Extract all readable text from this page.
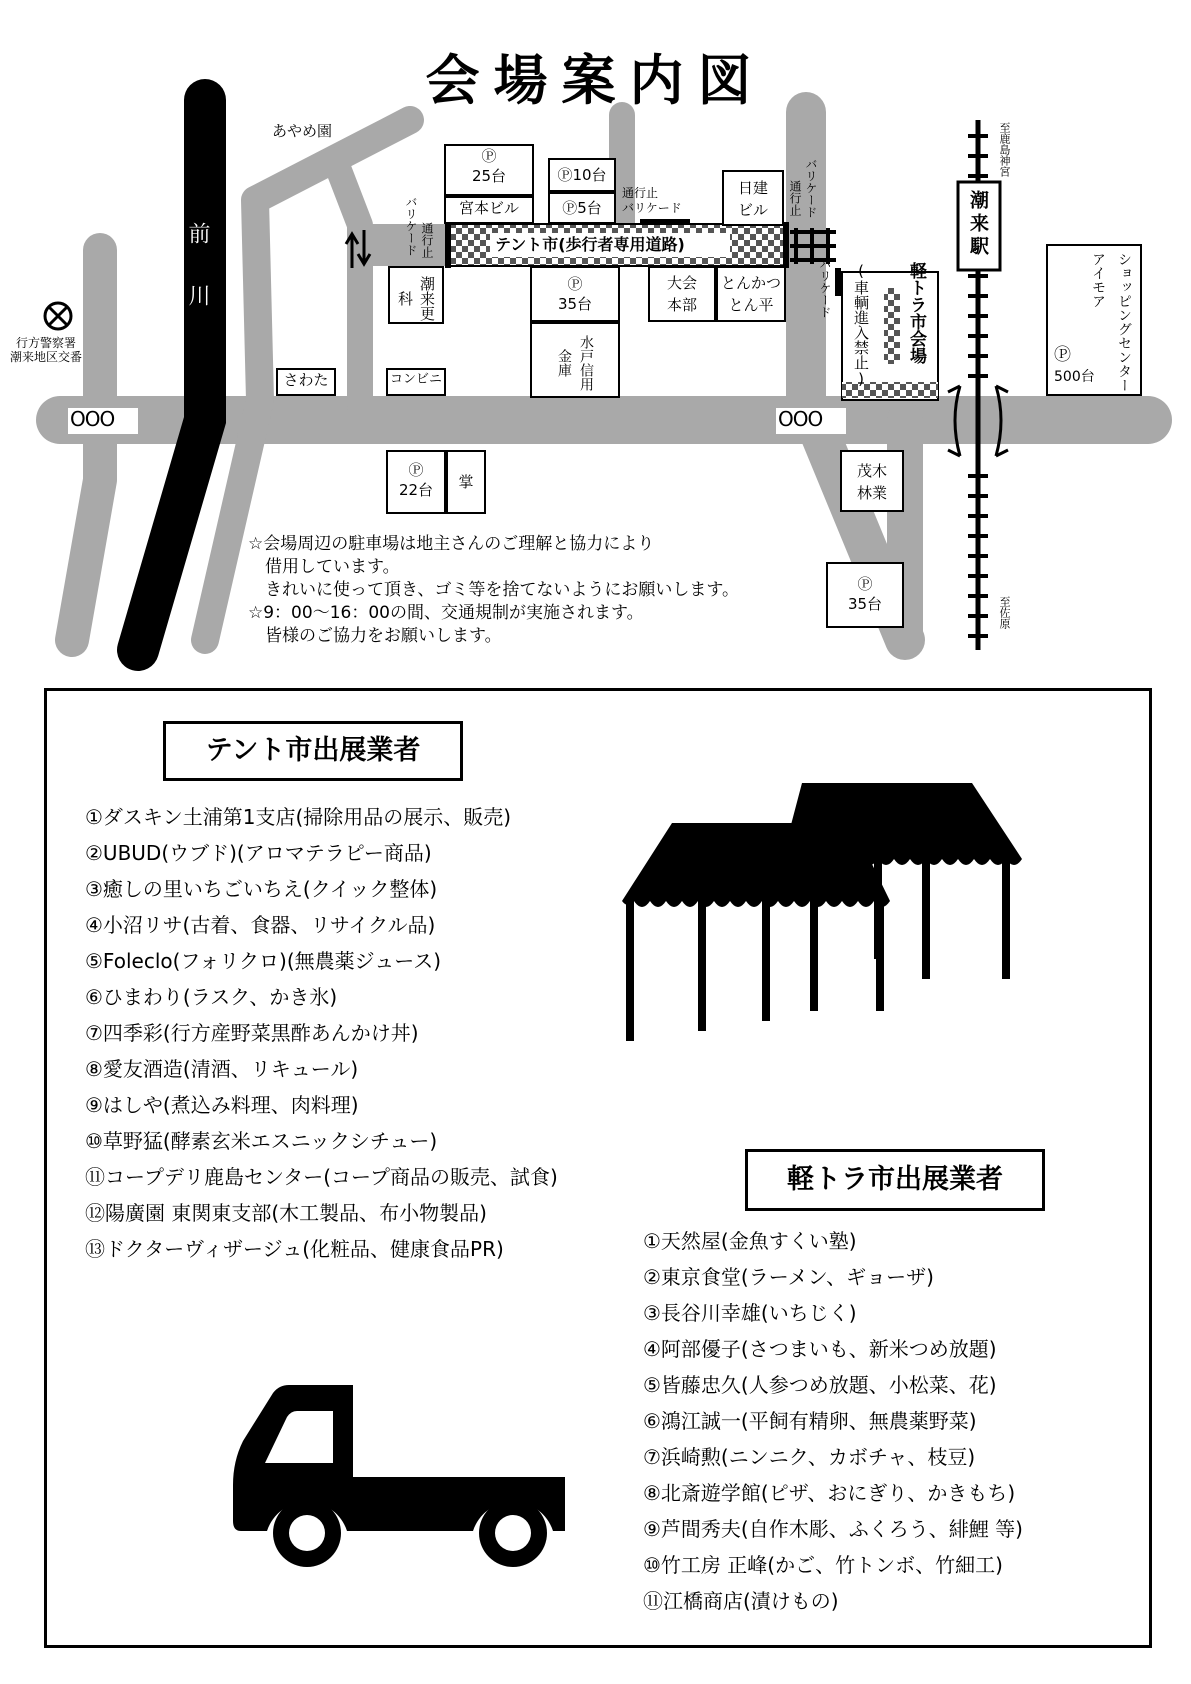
会場案内図
あやめ園
前川
行方警察署
潮来地区交番
OOO	OOO
テント市(歩行者専用道路)
バリケード 通行止
通行止
バリケード	通行止 バリケード
バリケード (車輌進入禁止) 軽トラ市会場
潮来駅
至鹿島神宮
至佐原
ショッピングセンター
アイモア
Ⓟ
500台
Ⓟ
25台
宮本ビル
Ⓟ10台
Ⓟ5台
日建ビル
潮来更科
Ⓟ
35台
水戸信用金庫
大会本部
とんかつとん平
さわた	コンビニ
Ⓟ
22台	掌
茂木林業
Ⓟ
35台
☆会場周辺の駐車場は地主さんのご理解と協力により
　借用しています。
　きれいに使って頂き、ゴミ等を捨てないようにお願いします。
☆9：00〜16：00の間、交通規制が実施されます。
　皆様のご協力をお願いします。
テント市出展業者
①ダスキン土浦第1支店(掃除用品の展示、販売)
②UBUD(ウブド)(アロマテラピー商品)
③癒しの里いちごいちえ(クイック整体)
④小沼リサ(古着、食器、リサイクル品)
⑤Foleclo(フォリクロ)(無農薬ジュース)
⑥ひまわり(ラスク、かき氷)
⑦四季彩(行方産野菜黒酢あんかけ丼)
⑧愛友酒造(清酒、リキュール)
⑨はしや(煮込み料理、肉料理)
⑩草野猛(酵素玄米エスニックシチュー)
⑪コープデリ鹿島センター(コープ商品の販売、試食)
⑫陽廣園 東関東支部(木工製品、布小物製品)
⑬ドクターヴィザージュ(化粧品、健康食品PR)
軽トラ市出展業者
①天然屋(金魚すくい塾)
②東京食堂(ラーメン、ギョーザ)
③長谷川幸雄(いちじく)
④阿部優子(さつまいも、新米つめ放題)
⑤皆藤忠久(人参つめ放題、小松菜、花)
⑥鴻江誠一(平飼有精卵、無農薬野菜)
⑦浜崎勲(ニンニク、カボチャ、枝豆)
⑧北斎遊学館(ピザ、おにぎり、かきもち)
⑨芦間秀夫(自作木彫、ふくろう、緋鯉 等)
⑩竹工房 正峰(かご、竹トンボ、竹細工)
⑪江橋商店(漬けもの)
